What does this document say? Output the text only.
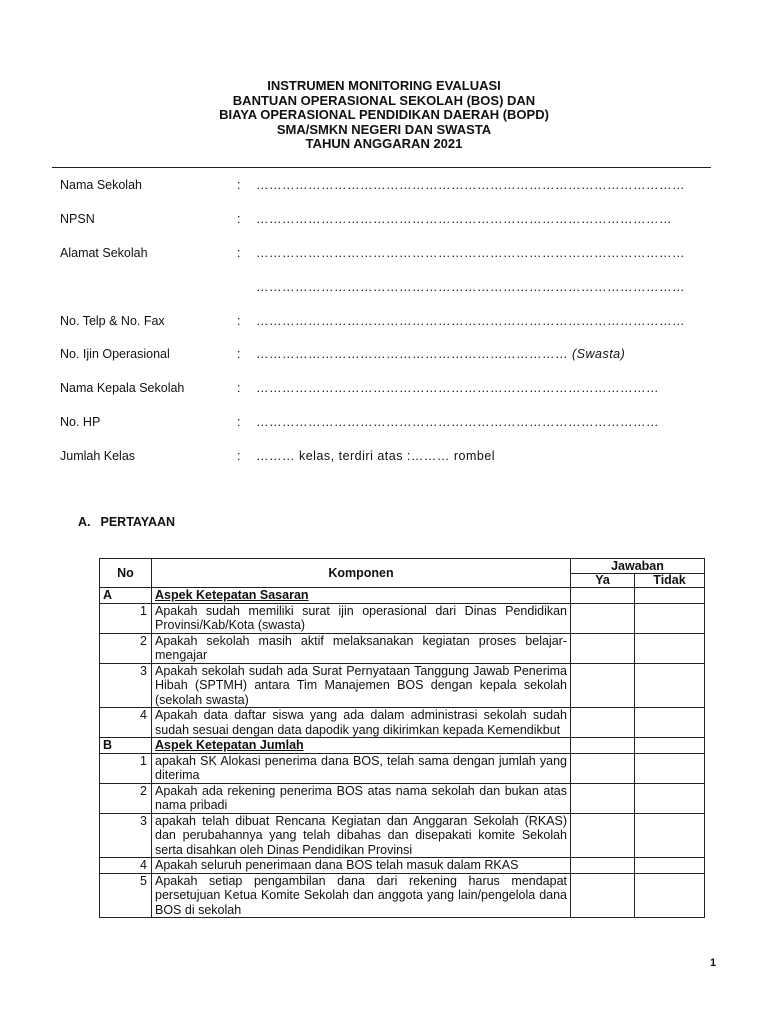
INSTRUMEN MONITORING EVALUASI
BANTUAN OPERASIONAL SEKOLAH (BOS) DAN
BIAYA OPERASIONAL PENDIDIKAN DAERAH (BOPD)
SMA/SMKN NEGERI DAN SWASTA
TAHUN ANGGARAN 2021
Nama Sekolah	: ………………………………………………………………………………………
NPSN	: ……………………………………………………………………………………
Alamat Sekolah	: ………………………………………………………………………………………
………………………………………………………………………………………
No. Telp & No. Fax	: ………………………………………………………………………………………
No. Ijin Operasional	: ……………………………………………………………… (Swasta)
Nama Kepala Sekolah	: …………………………………………………………………………………
No. HP	: …………………………………………………………………………………
Jumlah Kelas	: ……… kelas, terdiri atas :……… rombel
A. PERTAYAAN
No	Komponen	Jawaban	
		Ya	Tidak
A	Aspek Ketepatan Sasaran		
1	Apakah sudah memiliki surat ijin operasional dari Dinas Pendidikan Provinsi/Kab/Kota (swasta)		
2	Apakah sekolah masih aktif melaksanakan kegiatan proses belajar-mengajar		
3	Apakah sekolah sudah ada Surat Pernyataan Tanggung Jawab Penerima Hibah (SPTMH) antara Tim Manajemen BOS dengan kepala sekolah (sekolah swasta)		
4	Apakah data daftar siswa yang ada dalam administrasi sekolah sudah sudah sesuai dengan data dapodik yang dikirimkan kepada Kemendikbut		
B	Aspek Ketepatan Jumlah		
1	apakah SK Alokasi penerima dana BOS, telah sama dengan jumlah yang diterima		
2	Apakah ada rekening penerima BOS atas nama sekolah dan bukan atas nama pribadi		
3	apakah telah dibuat Rencana Kegiatan dan Anggaran Sekolah (RKAS) dan perubahannya yang telah dibahas dan disepakati komite Sekolah serta disahkan oleh Dinas Pendidikan Provinsi		
4	Apakah seluruh penerimaan dana BOS telah masuk dalam RKAS		
5	Apakah setiap pengambilan dana dari rekening harus mendapat persetujuan Ketua Komite Sekolah dan anggota yang lain/pengelola dana BOS di sekolah		
1
